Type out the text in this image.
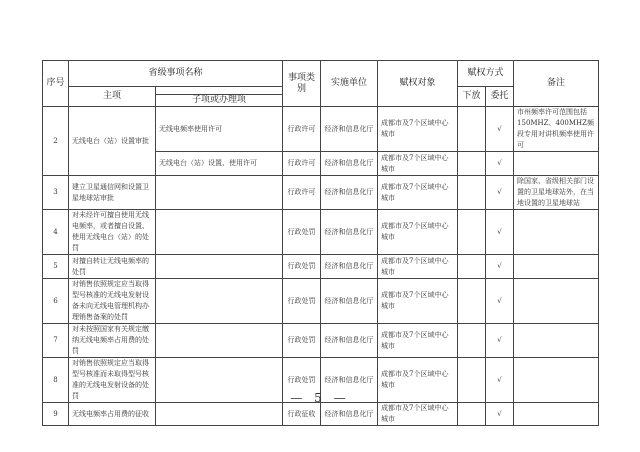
序号	省级事项名称		事项类别	实施单位	赋权对象	赋权方式		备注
	主项					下放	委托	
		子项或办理项						
2	无线电台（站）设置审批	无线电频率使用许可	行政许可	经济和信息化厅	成都市及7个区域中心城市		√	市州频率许可范围包括150MHZ、400MHZ频段专用对讲机频率使用许可
		无线电台（站）设置、使用许可	行政许可	经济和信息化厅	成都市及7个区域中心城市		√	
3	建立卫星通信网和设置卫星地球站审批		行政许可	经济和信息化厅	成都市及7个区域中心城市		√	除国家、省级相关部门设置的卫星地球站外，在当地设置的卫星地球站
4	对未经许可擅自使用无线电频率，或者擅自设置、使用无线电台（站）的处罚		行政处罚	经济和信息化厅	成都市及7个区域中心城市		√	
5	对擅自转让无线电频率的处罚		行政处罚	经济和信息化厅	成都市及7个区域中心城市		√	
6	对销售依照规定应当取得型号核准的无线电发射设备未向无线电管理机构办理销售备案的处罚		行政处罚	经济和信息化厅	成都市及7个区域中心城市		√	
7	对未按照国家有关规定缴纳无线电频率占用费的处罚		行政处罚	经济和信息化厅	成都市及7个区域中心城市		√	
8	对销售依照规定应当取得型号核准而未取得型号核准的无线电发射设备的处罚		行政处罚	经济和信息化厅	成都市及7个区域中心城市		√	
9	无线电频率占用费的征收		行政征收	经济和信息化厅	成都市及7个区域中心城市		√	
— 5 —
